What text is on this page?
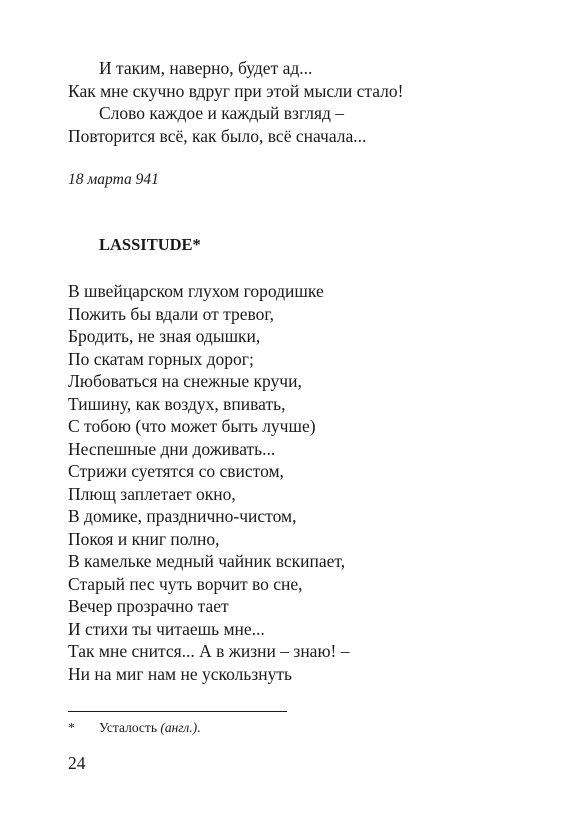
И таким, наверно, будет ад...
Как мне скучно вдруг при этой мысли стало!
Слово каждое и каждый взгляд –
Повторится всё, как было, всё сначала...
18 марта 941
LASSITUDE*
В швейцарском глухом городишке
Пожить бы вдали от тревог,
Бродить, не зная одышки,
По скатам горных дорог;
Любоваться на снежные кручи,
Тишину, как воздух, впивать,
С тобою (что может быть лучше)
Неспешные дни доживать...
Стрижи суетятся со свистом,
Плющ заплетает окно,
В домике, празднично-чистом,
Покоя и книг полно,
В камельке медный чайник вскипает,
Старый пес чуть ворчит во сне,
Вечер прозрачно тает
И стихи ты читаешь мне...
Так мне снится... А в жизни – знаю! –
Ни на миг нам не ускользнуть
* Усталость (англ.).
24
